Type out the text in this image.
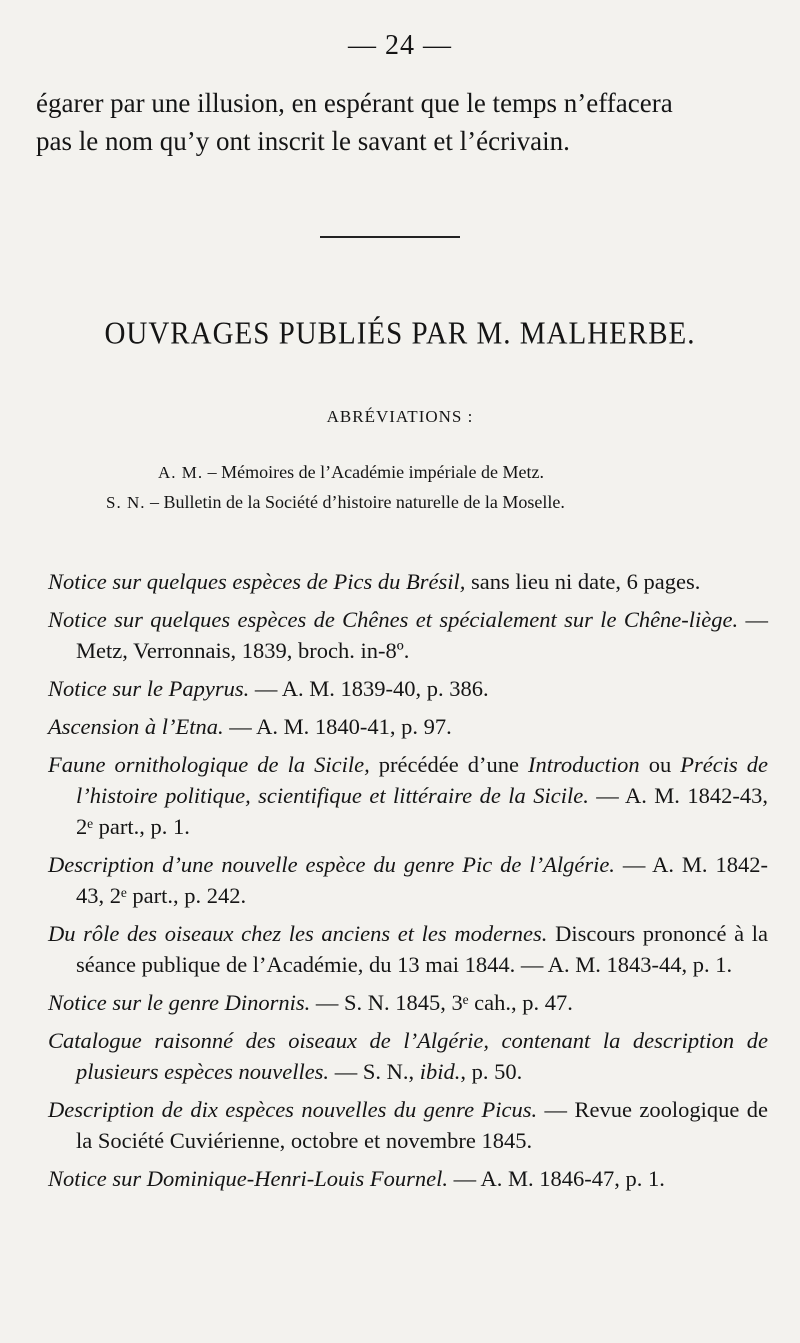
— 24 —
égarer par une illusion, en espérant que le temps n’effacera
pas le nom qu’y ont inscrit le savant et l’écrivain.
OUVRAGES PUBLIÉS PAR M. MALHERBE.
ABRÉVIATIONS :
A. M. – Mémoires de l’Académie impériale de Metz.
S. N. – Bulletin de la Société d’histoire naturelle de la Moselle.
Notice sur quelques espèces de Pics du Brésil, sans lieu ni date, 6 pages.
Notice sur quelques espèces de Chênes et spécialement sur le Chêne-liège. — Metz, Verronnais, 1839, broch. in-8º.
Notice sur le Papyrus. — A. M. 1839-40, p. 386.
Ascension à l’Etna. — A. M. 1840-41, p. 97.
Faune ornithologique de la Sicile, précédée d’une Introduction ou Précis de l’histoire politique, scientifique et littéraire de la Sicile. — A. M. 1842-43, 2ᵉ part., p. 1.
Description d’une nouvelle espèce du genre Pic de l’Algérie. — A. M. 1842-43, 2ᵉ part., p. 242.
Du rôle des oiseaux chez les anciens et les modernes. Discours prononcé à la séance publique de l’Académie, du 13 mai 1844. — A. M. 1843-44, p. 1.
Notice sur le genre Dinornis. — S. N. 1845, 3ᵉ cah., p. 47.
Catalogue raisonné des oiseaux de l’Algérie, contenant la description de plusieurs espèces nouvelles. — S. N., ibid., p. 50.
Description de dix espèces nouvelles du genre Picus. — Revue zoologique de la Société Cuviérienne, octobre et novembre 1845.
Notice sur Dominique-Henri-Louis Fournel. — A. M. 1846-47, p. 1.
